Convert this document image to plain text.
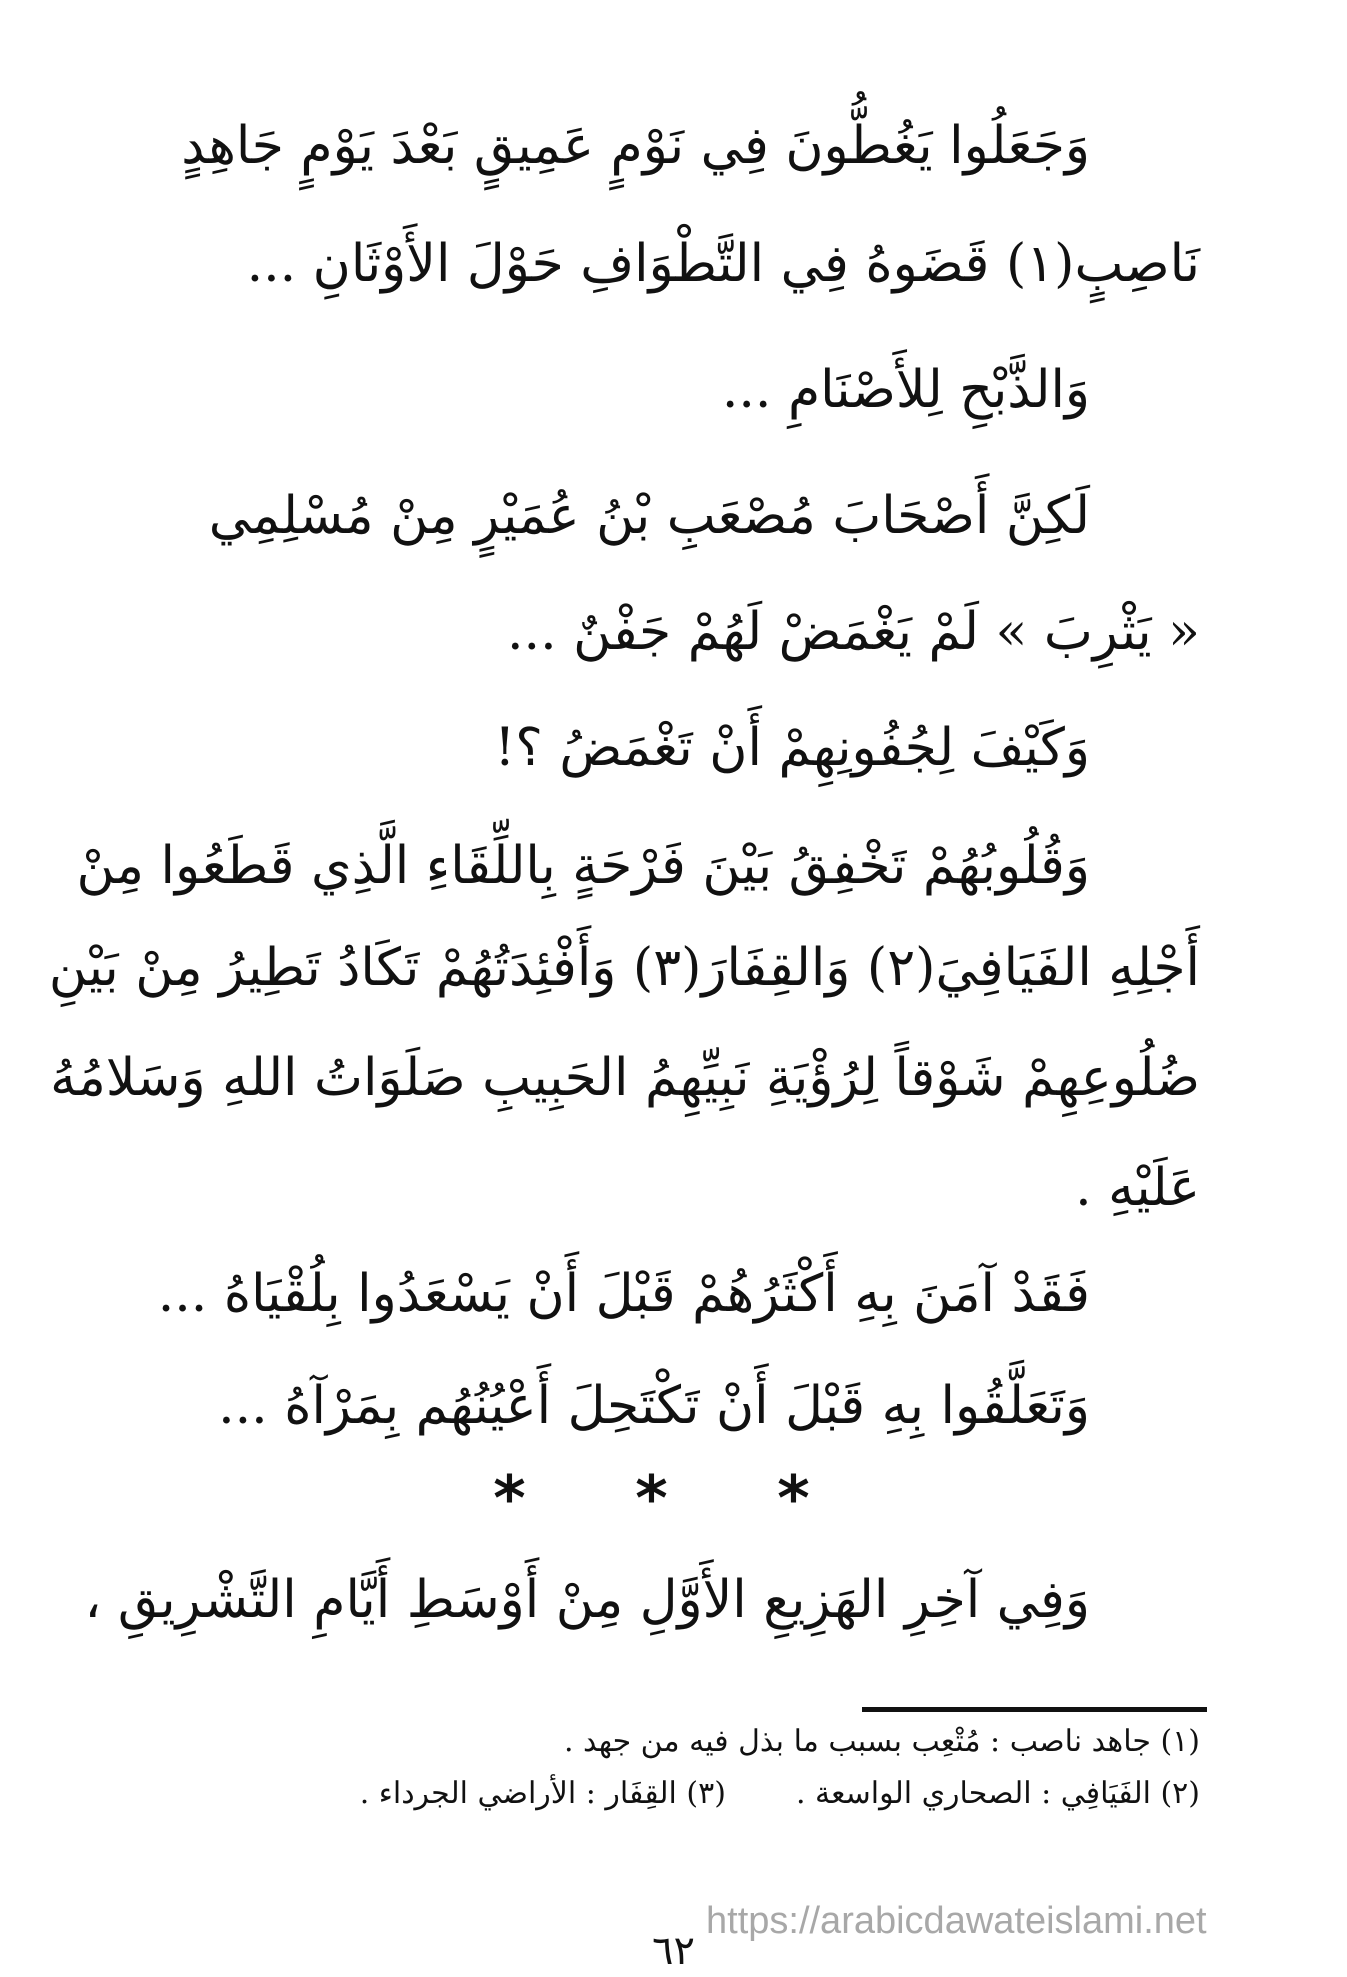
وَجَعَلُوا يَغُطُّونَ فِي نَوْمٍ عَمِيقٍ بَعْدَ يَوْمٍ جَاهِدٍ
نَاصِبٍ(١) قَضَوهُ فِي التَّطْوَافِ حَوْلَ الأَوْثَانِ ...
وَالذَّبْحِ لِلأَصْنَامِ ...
لَكِنَّ أَصْحَابَ مُصْعَبِ بْنُ عُمَيْرٍ مِنْ مُسْلِمِي
« يَثْرِبَ » لَمْ يَغْمَضْ لَهُمْ جَفْنٌ ...
وَكَيْفَ لِجُفُونِهِمْ أَنْ تَغْمَضُ ؟!
وَقُلُوبُهُمْ تَخْفِقُ بَيْنَ فَرْحَةٍ بِاللِّقَاءِ الَّذِي قَطَعُوا مِنْ
أَجْلِهِ الفَيَافِيَ(٢) وَالقِفَارَ(٣) وَأَفْئِدَتُهُمْ تَكَادُ تَطِيرُ مِنْ بَيْنِ
ضُلُوعِهِمْ شَوْقاً لِرُؤْيَةِ نَبِيِّهِمُ الحَبِيبِ صَلَوَاتُ اللهِ وَسَلامُهُ
عَلَيْهِ .
فَقَدْ آمَنَ بِهِ أَكْثَرُهُمْ قَبْلَ أَنْ يَسْعَدُوا بِلُقْيَاهُ ...
وَتَعَلَّقُوا بِهِ قَبْلَ أَنْ تَكْتَحِلَ أَعْيُنُهُم بِمَرْآهُ ...
* * *
وَفِي آخِرِ الهَزِيعِ الأَوَّلِ مِنْ أَوْسَطِ أَيَّامِ التَّشْرِيقِ ،
(١) جاهد ناصب : مُتْعِب بسبب ما بذل فيه من جهد .
(٢) الفَيَافِي : الصحاري الواسعة .(٣) القِفَار : الأراضي الجرداء .
https://arabicdawateislami.net
٦٢
